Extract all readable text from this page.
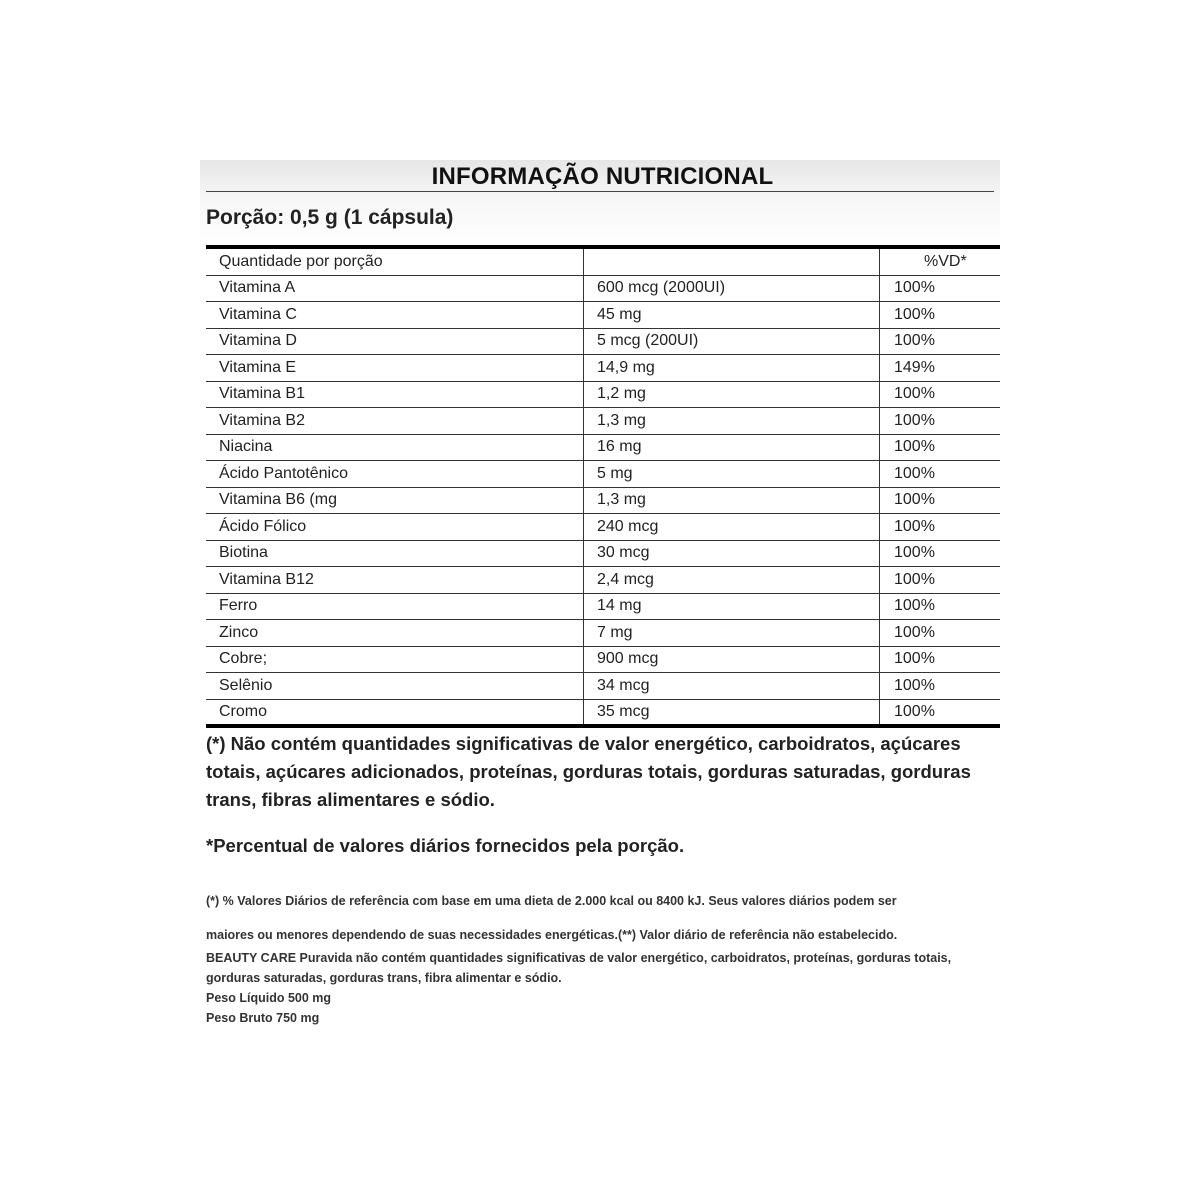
INFORMAÇÃO NUTRICIONAL
Porção: 0,5 g (1 cápsula)
Quantidade por porção		%VD*
Vitamina A	600 mcg (2000UI)	100%
Vitamina C	45 mg	100%
Vitamina D	5 mcg (200UI)	100%
Vitamina E	14,9 mg	149%
Vitamina B1	1,2 mg	100%
Vitamina B2	1,3 mg	100%
Niacina	16 mg	100%
Ácido Pantotênico	5 mg	100%
Vitamina B6 (mg	1,3 mg	100%
Ácido Fólico	240 mcg	100%
Biotina	30 mcg	100%
Vitamina B12	2,4 mcg	100%
Ferro	14 mg	100%
Zinco	7 mg	100%
Cobre;	900 mcg	100%
Selênio	34 mcg	100%
Cromo	35 mcg	100%
(*) Não contém quantidades significativas de valor energético, carboidratos, açúcares totais, açúcares adicionados, proteínas, gorduras totais, gorduras saturadas, gorduras trans, fibras alimentares e sódio.
*Percentual de valores diários fornecidos pela porção.
(*) % Valores Diários de referência com base em uma dieta de 2.000 kcal ou 8400 kJ. Seus valores diários podem ser
maiores ou menores dependendo de suas necessidades energéticas.(**) Valor diário de referência não estabelecido.
BEAUTY CARE Puravida não contém quantidades significativas de valor energético, carboidratos, proteínas, gorduras totais, gorduras saturadas, gorduras trans, fibra alimentar e sódio.
Peso Líquido 500 mg
Peso Bruto 750 mg
